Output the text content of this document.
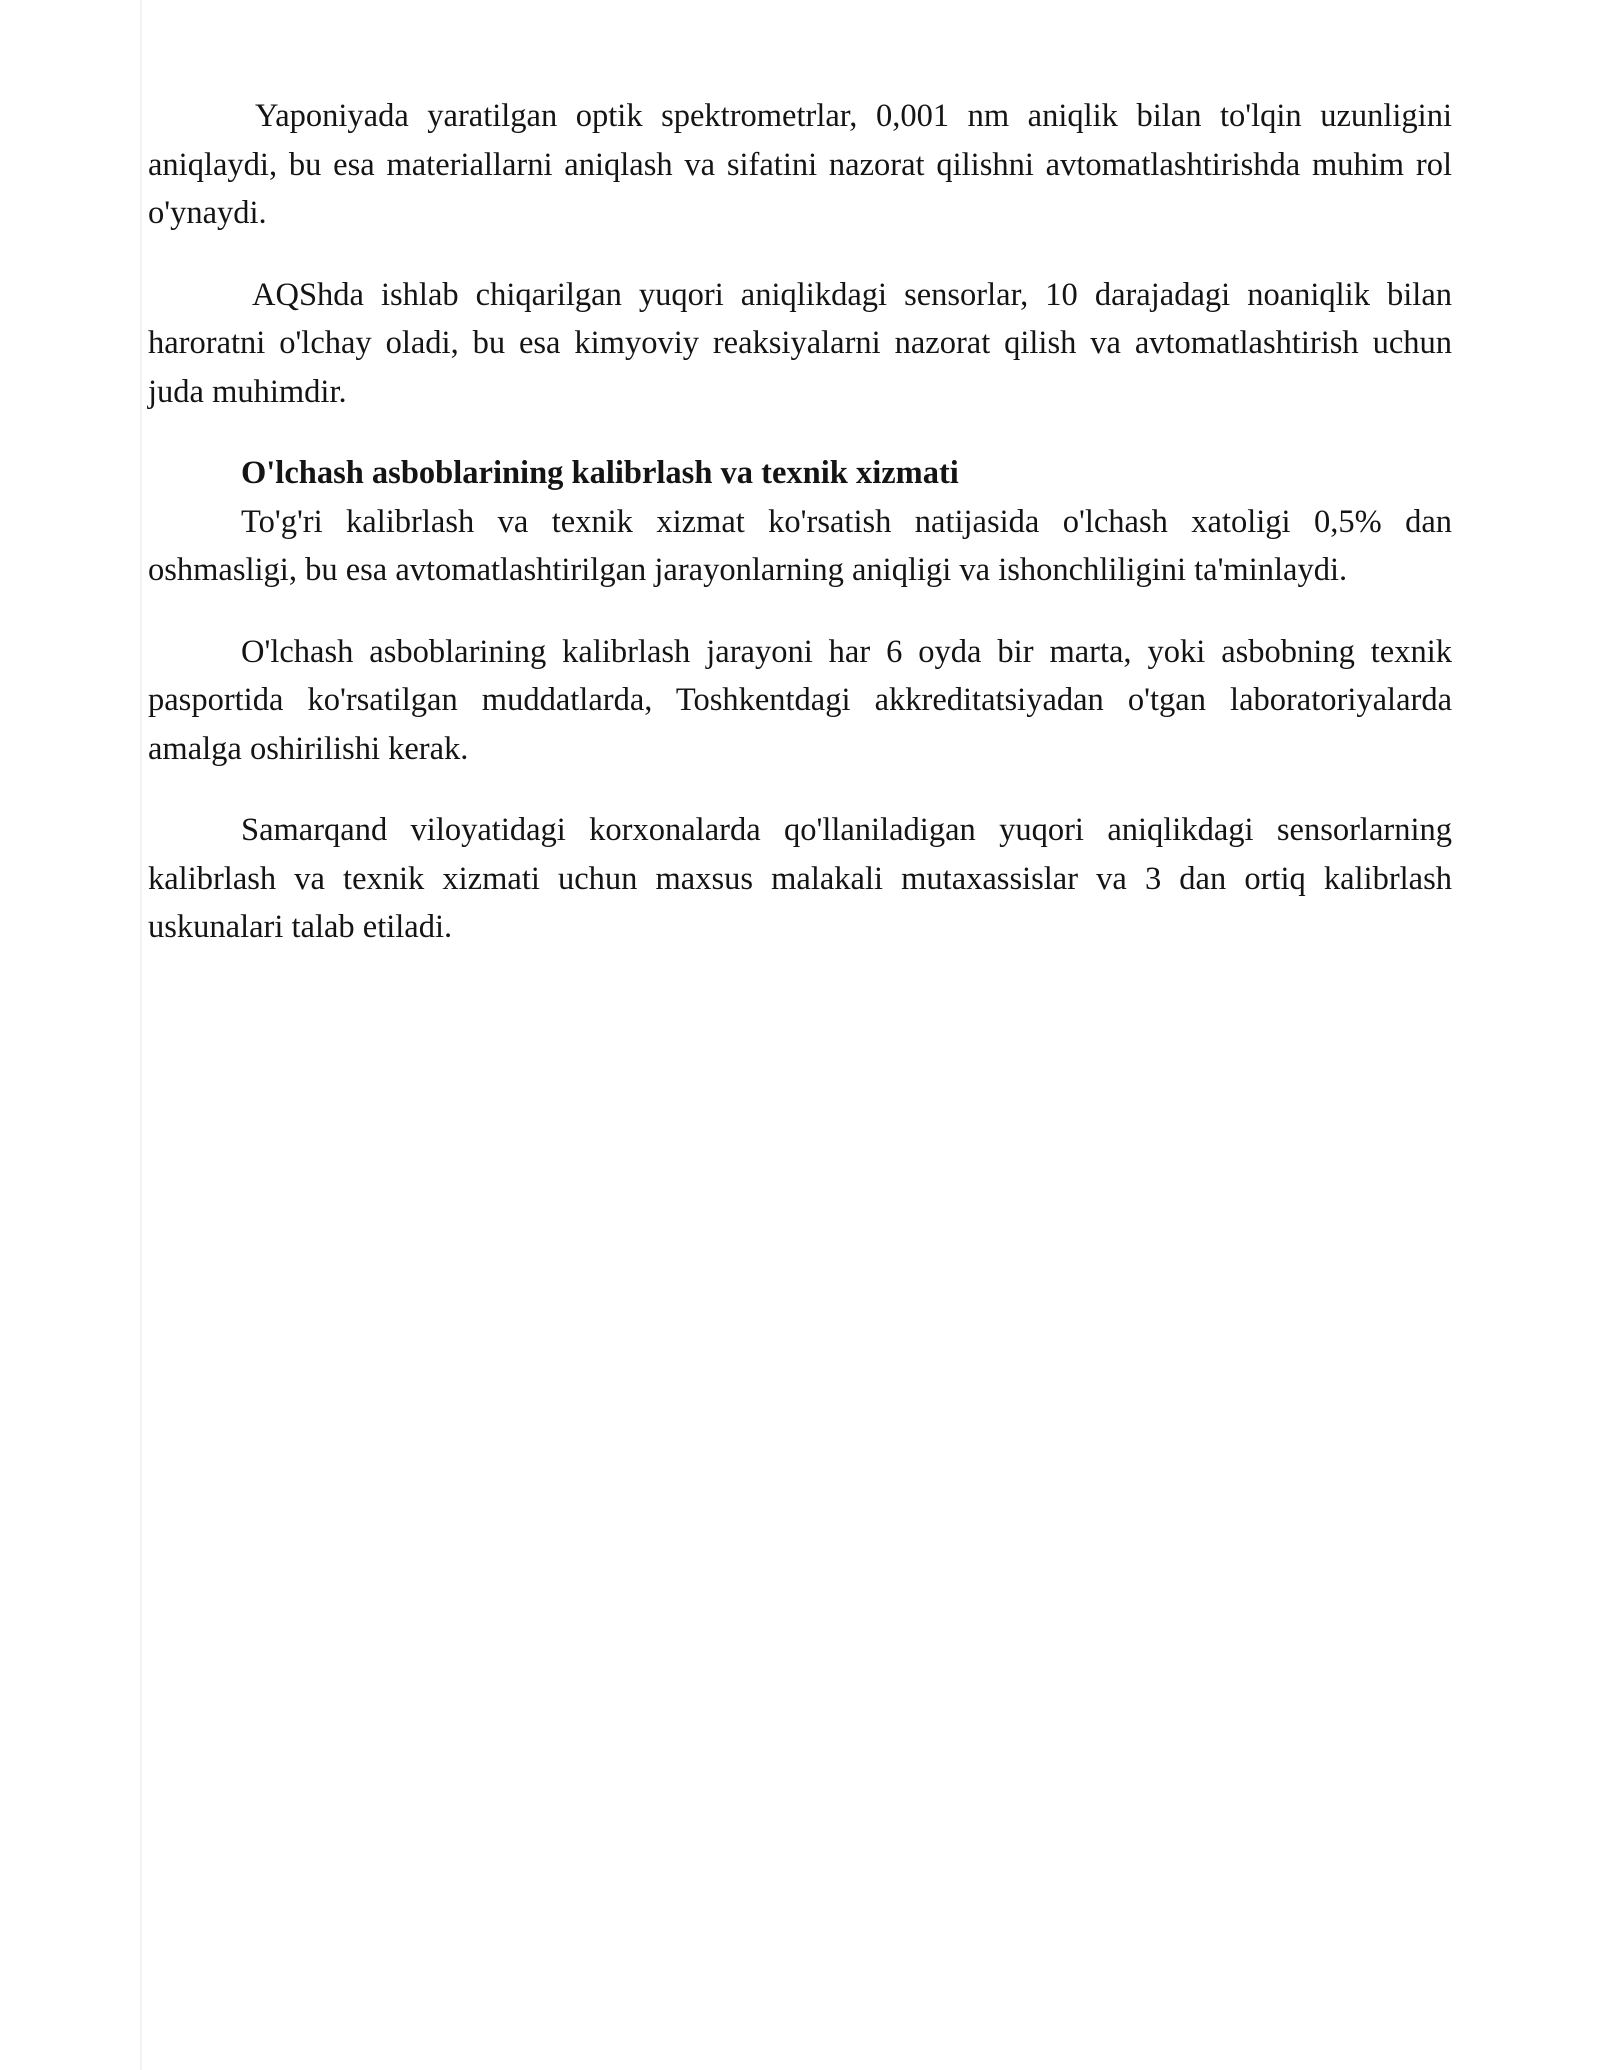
Yaponiyada yaratilgan optik spektrometrlar, 0,001 nm aniqlik bilan to'lqin uzunligini aniqlaydi, bu esa materiallarni aniqlash va sifatini nazorat qilishni avtomatlashtirishda muhim rol o'ynaydi.

AQShda ishlab chiqarilgan yuqori aniqlikdagi sensorlar, 10 darajadagi noaniqlik bilan haroratni o'lchay oladi, bu esa kimyoviy reaksiyalarni nazorat qilish va avtomatlashtirish uchun juda muhimdir.

O'lchash asboblarining kalibrlash va texnik xizmati

To'g'ri kalibrlash va texnik xizmat ko'rsatish natijasida o'lchash xatoligi 0,5% dan oshmasligi, bu esa avtomatlashtirilgan jarayonlarning aniqligi va ishonchliligini ta'minlaydi.

O'lchash asboblarining kalibrlash jarayoni har 6 oyda bir marta, yoki asbobning texnik pasportida ko'rsatilgan muddatlarda, Toshkentdagi akkreditatsiyadan o'tgan laboratoriyalarda amalga oshirilishi kerak.

Samarqand viloyatidagi korxonalarda qo'llaniladigan yuqori aniqlikdagi sensorlarning kalibrlash va texnik xizmati uchun maxsus malakali mutaxassislar va 3 dan ortiq kalibrlash uskunalari talab etiladi.
